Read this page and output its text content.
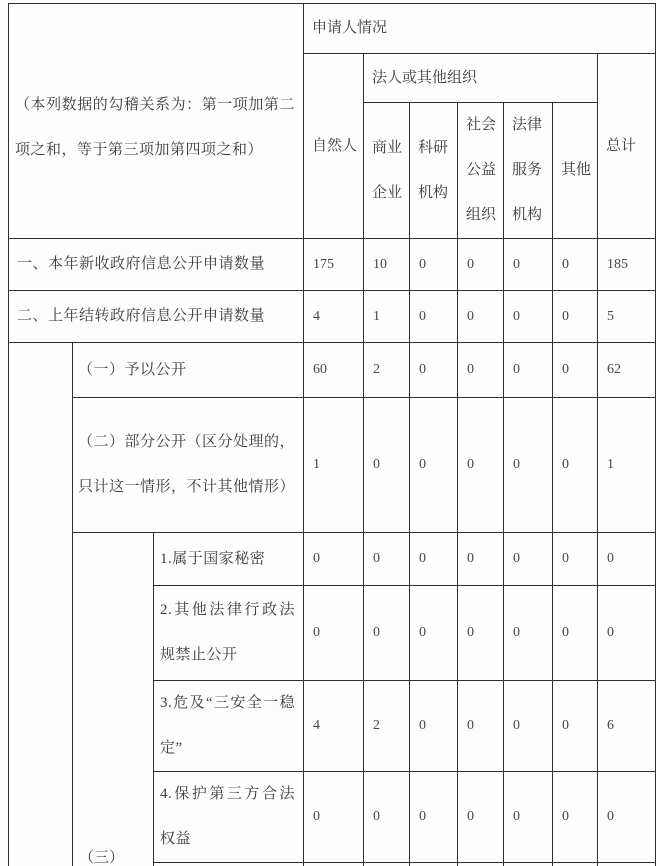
（本列数据的勾稽关系为：第一项加第二项之和，等于第三项加第四项之和）			申请人情况						
			自然人	法人或其他组织					总计
				商业企业	科研机构	社会公益组织	法律服务机构	其他	
一、本年新收政府信息公开申请数量			175	10	0	0	0	0	185
二、上年结转政府信息公开申请数量			4	1	0	0	0	0	5
	（一）予以公开		60	2	0	0	0	0	62
	（二）部分公开（区分处理的，只计这一情形，不计其他情形）		1	0	0	0	0	0	1
	（三）	1.属于国家秘密	0	0	0	0	0	0	0
		2.其他法律行政法规禁止公开	0	0	0	0	0	0	0
		3.危及“三安全一稳定”	4	2	0	0	0	0	6
		4.保护第三方合法权益	0	0	0	0	0	0	0
